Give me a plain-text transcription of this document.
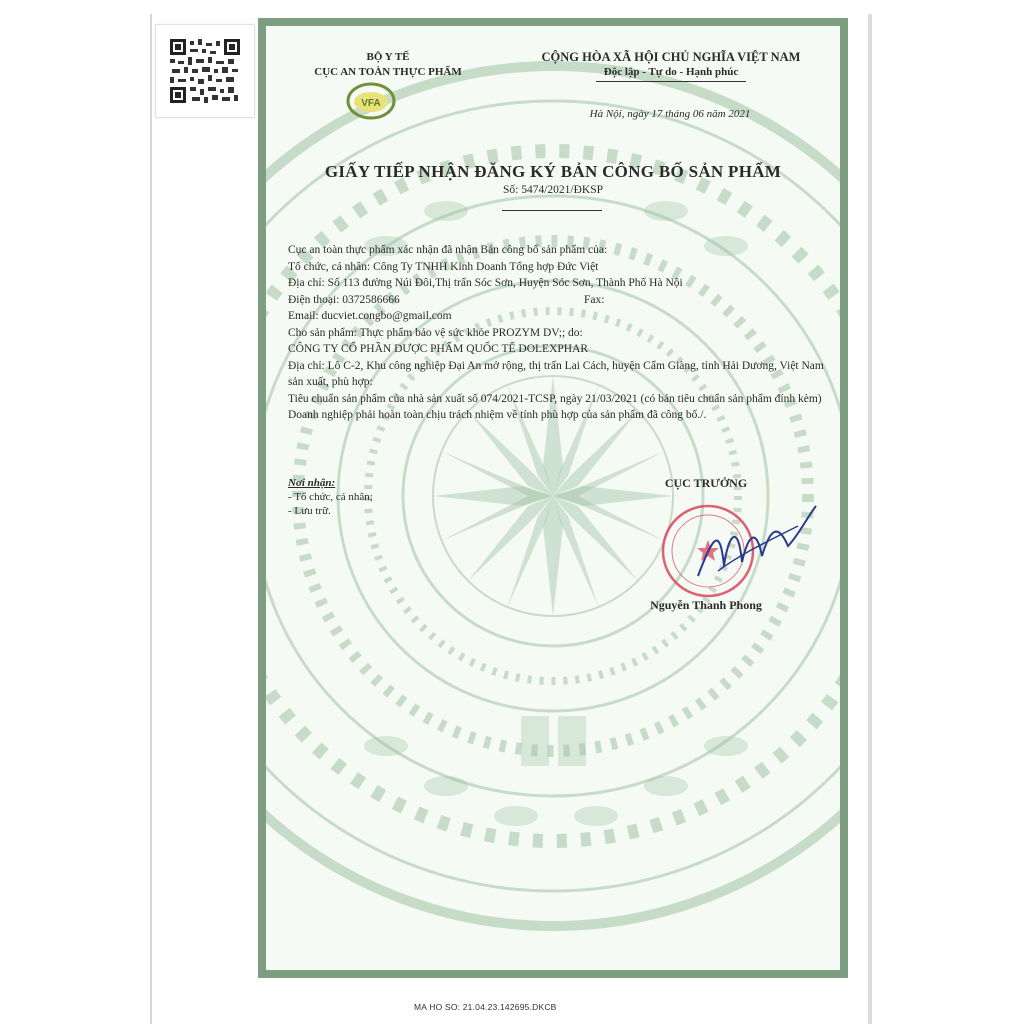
BỘ Y TẾ
CỤC AN TOÀN THỰC PHẨM
VFA
CỘNG HÒA XÃ HỘI CHỦ NGHĨA VIỆT NAM
Độc lập - Tự do - Hạnh phúc
Hà Nội, ngày 17 tháng 06 năm 2021
GIẤY TIẾP NHẬN ĐĂNG KÝ BẢN CÔNG BỐ SẢN PHẨM
Số: 5474/2021/ĐKSP

Cục an toàn thực phẩm xác nhận đã nhận Bản công bố sản phẩm của:

Tổ chức, cá nhân: Công Ty TNHH Kinh Doanh Tổng hợp Đức Việt

Địa chỉ: Số 113 đường Núi Đôi,Thị trấn Sóc Sơn, Huyện Sóc Sơn, Thành Phố Hà Nội

Điện thoại: 0372586666	Fax:

Email: ducviet.congbo@gmail.com

Cho sản phẩm: Thực phẩm bảo vệ sức khỏe PROZYM DV;; do:

CÔNG TY CỔ PHẦN DƯỢC PHẨM QUỐC TẾ DOLEXPHAR

Địa chỉ: Lô C-2, Khu công nghiệp Đại An mở rộng, thị trấn Lai Cách, huyện Cẩm Giàng, tỉnh Hải Dương, Việt Nam sản xuất, phù hợp:

Tiêu chuẩn sản phẩm của nhà sản xuất số 074/2021-TCSP, ngày 21/03/2021 (có bản tiêu chuẩn sản phẩm đính kèm)

Doanh nghiệp phải hoàn toàn chịu trách nhiệm về tính phù hợp của sản phẩm đã công bố./.

Nơi nhận:
- Tổ chức, cá nhân;
- Lưu trữ.
CỤC TRƯỞNG
Nguyễn Thanh Phong
MA HO SO: 21.04.23.142695.DKCB
